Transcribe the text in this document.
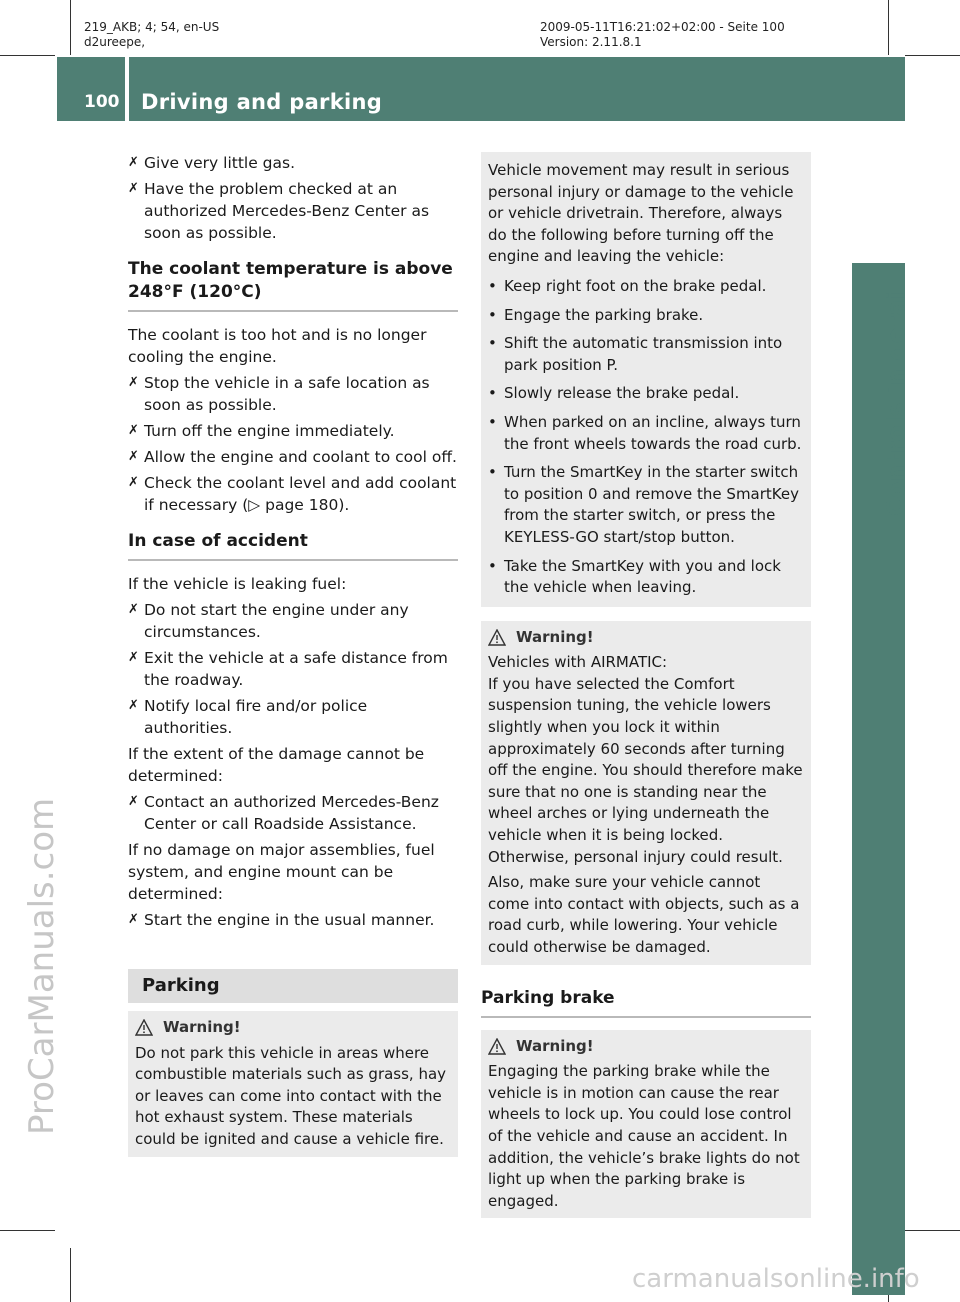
219_AKB; 4; 54, en-US
d2ureepe,
2009-05-11T16:21:02+02:00 - Seite 100
Version: 2.11.8.1
100 Driving and parking
Controls in detail
ProCarManuals.com
carmanualsonline.info
✗ Give very little gas.
✗ Have the problem checked at an authorized Mercedes-Benz Center as soon as possible.
The coolant temperature is above 248°F (120°C)

The coolant is too hot and is no longer cooling the engine.

✗ Stop the vehicle in a safe location as soon as possible.
✗ Turn off the engine immediately.
✗ Allow the engine and coolant to cool off.
✗ Check the coolant level and add coolant if necessary (▷ page 180).
In case of accident

If the vehicle is leaking fuel:

✗ Do not start the engine under any circumstances.
✗ Exit the vehicle at a safe distance from the roadway.
✗ Notify local fire and/or police authorities.

If the extent of the damage cannot be determined:

✗ Contact an authorized Mercedes-Benz Center or call Roadside Assistance.

If no damage on major assemblies, fuel system, and engine mount can be determined:

✗ Start the engine in the usual manner.
Parking
Warning!
Do not park this vehicle in areas where combustible materials such as grass, hay or leaves can come into contact with the hot exhaust system. These materials could be ignited and cause a vehicle fire.

Vehicle movement may result in serious personal injury or damage to the vehicle or vehicle drivetrain. Therefore, always do the following before turning off the engine and leaving the vehicle:

• Keep right foot on the brake pedal.
• Engage the parking brake.
• Shift the automatic transmission into park position P.
• Slowly release the brake pedal.
• When parked on an incline, always turn the front wheels towards the road curb.
• Turn the SmartKey in the starter switch to position 0 and remove the SmartKey from the starter switch, or press the KEYLESS-GO start/stop button.
• Take the SmartKey with you and lock the vehicle when leaving.
Warning!
Vehicles with AIRMATIC:

If you have selected the Comfort suspension tuning, the vehicle lowers slightly when you lock it within approximately 60 seconds after turning off the engine. You should therefore make sure that no one is standing near the wheel arches or lying underneath the vehicle when it is being locked. Otherwise, personal injury could result.

Also, make sure your vehicle cannot come into contact with objects, such as a road curb, while lowering. Your vehicle could otherwise be damaged.

Parking brake
Warning!
Engaging the parking brake while the vehicle is in motion can cause the rear wheels to lock up. You could lose control of the vehicle and cause an accident. In addition, the vehicle’s brake lights do not light up when the parking brake is engaged.
